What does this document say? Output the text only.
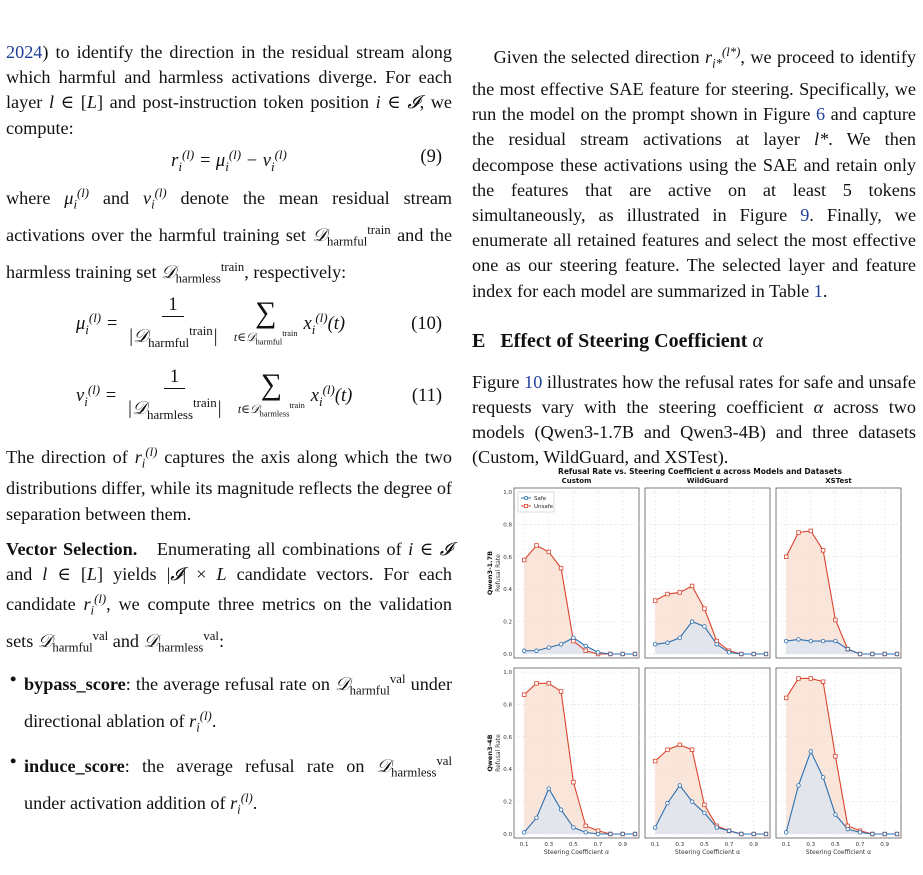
2024) to identify the direction in the residual stream along which harmful and harmless activations diverge. For each layer l ∈ [L] and post-instruction token position i ∈ 𝓘, we compute:

$r_i^{(l)} = \mu_i^{(l)} - \nu_i^{(l)}$	(9)

where $\mu_i^{(l)}$ and $\nu_i^{(l)}$ denote the mean residual stream activations over the harmful training set 𝒟$_{harmful}^{train}$ and the harmless training set 𝒟$_{harmless}^{train}$, respectively:

$\mu_i^{(l)} = \frac{1}{|𝒟_{harmful}^{train}|}$ ∑
t∈𝒟$_{harmful}^{train}$ $x_i^{(l)}(t)$	(10)
$\nu_i^{(l)} = \frac{1}{|𝒟_{harmless}^{train}|}$ ∑
t∈𝒟$_{harmless}^{train}$ $x_i^{(l)}(t)$	(11)

The direction of $r_i^{(l)}$ captures the axis along which the two distributions differ, while its magnitude reflects the degree of separation between them.

Vector Selection. Enumerating all combinations of i ∈ 𝓘 and l ∈ [L] yields |𝓘| × L candidate vectors. For each candidate $r_i^{(l)}$, we compute three metrics on the validation sets 𝒟$_{harmful}^{val}$ and 𝒟$_{harmless}^{val}$:

• bypass_score: the average refusal rate on 𝒟$_{harmful}^{val}$ under directional ablation of $r_i^{(l)}$.
• induce_score: the average refusal rate on 𝒟$_{harmless}^{val}$ under activation addition of $r_i^{(l)}$.

Given the selected direction $r_{i*}^{(l*)}$, we proceed to identify the most effective SAE feature for steering. Specifically, we run the model on the prompt shown in Figure 6 and capture the residual stream activations at layer l*. We then decompose these activations using the SAE and retain only the features that are active on at least 5 tokens simultaneously, as illustrated in Figure 9. Finally, we enumerate all retained features and select the most effective one as our steering feature. The selected layer and feature index for each model are summarized in Table 1.

E Effect of Steering Coefficient α

Figure 10 illustrates how the refusal rates for safe and unsafe requests vary with the steering coefficient α across two models (Qwen3-1.7B and Qwen3-4B) and three datasets (Custom, WildGuard, and XSTest).

Refusal Rate vs. Steering Coefficient α across Models and Datasets
Qwen3-1.7B Refusal Rate
0.0
0.2
0.4
0.6
0.8
1.0
Custom
Safe
Unsafe
WildGuard	XSTest
Qwen3-4B Refusal Rate
0.0
0.2
0.4
0.6
0.8
1.0
0.1	0.3	0.5	0.7	0.9
Steering Coefficient α
0.1	0.3	0.5	0.7	0.9
Steering Coefficient α
0.1	0.3	0.5	0.7	0.9
Steering Coefficient α
